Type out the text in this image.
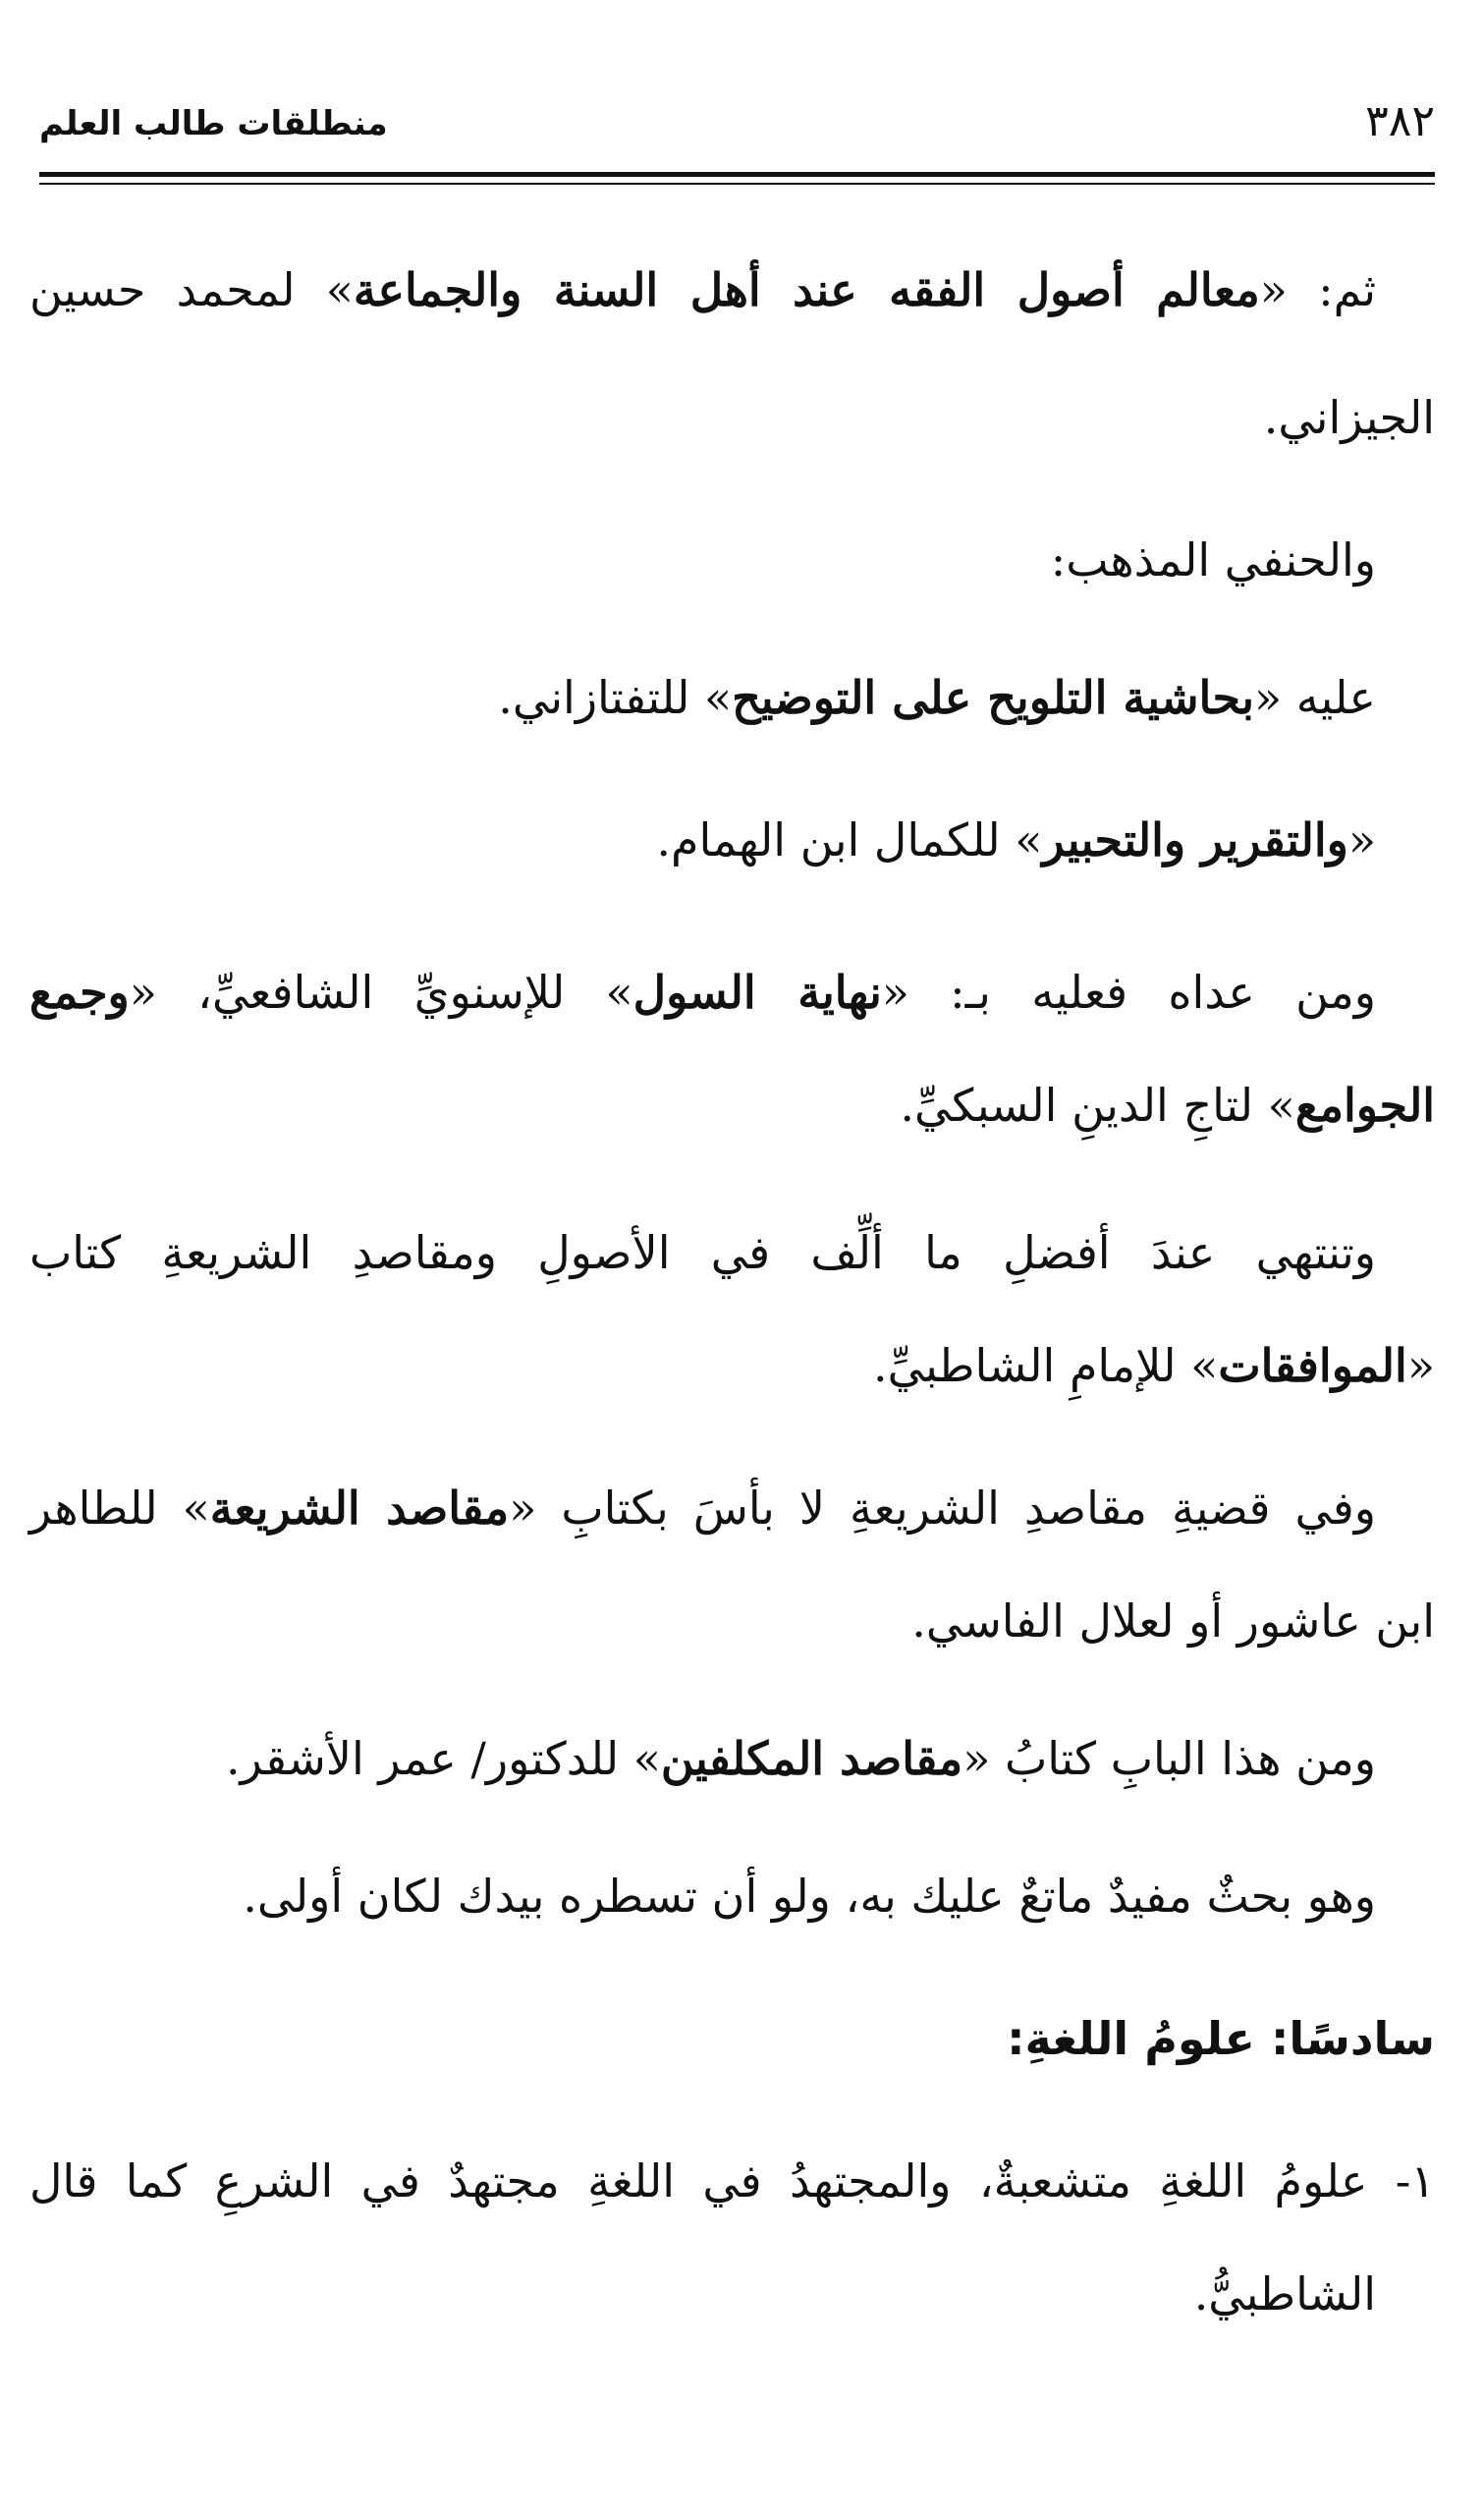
٣٨٢
منطلقات طالب العلم
ثم: «معالم أصول الفقه عند أهل السنة والجماعة» لمحمد حسين
الجيزاني.
والحنفي المذهب:
عليه «بحاشية التلويح على التوضيح» للتفتازاني.
«والتقرير والتحبير» للكمال ابن الهمام.
ومن عداه فعليه بـ: «نهاية السول» للإسنويِّ الشافعيِّ، «وجمع
الجوامع» لتاجِ الدينِ السبكيِّ.
وتنتهي عندَ أفضلِ ما ألِّف في الأصولِ ومقاصدِ الشريعةِ كتاب
«الموافقات» للإمامِ الشاطبيِّ.
وفي قضيةِ مقاصدِ الشريعةِ لا بأسَ بكتابِ «مقاصد الشريعة» للطاهر
ابن عاشور أو لعلال الفاسي.
ومن هذا البابِ كتابُ «مقاصد المكلفين» للدكتور/ عمر الأشقر.
وهو بحثٌ مفيدٌ ماتعٌ عليك به، ولو أن تسطره بيدك لكان أولى.
سادسًا: علومُ اللغةِ:
١- علومُ اللغةِ متشعبةٌ، والمجتهدُ في اللغةِ مجتهدٌ في الشرعِ كما قال
الشاطبيُّ.
